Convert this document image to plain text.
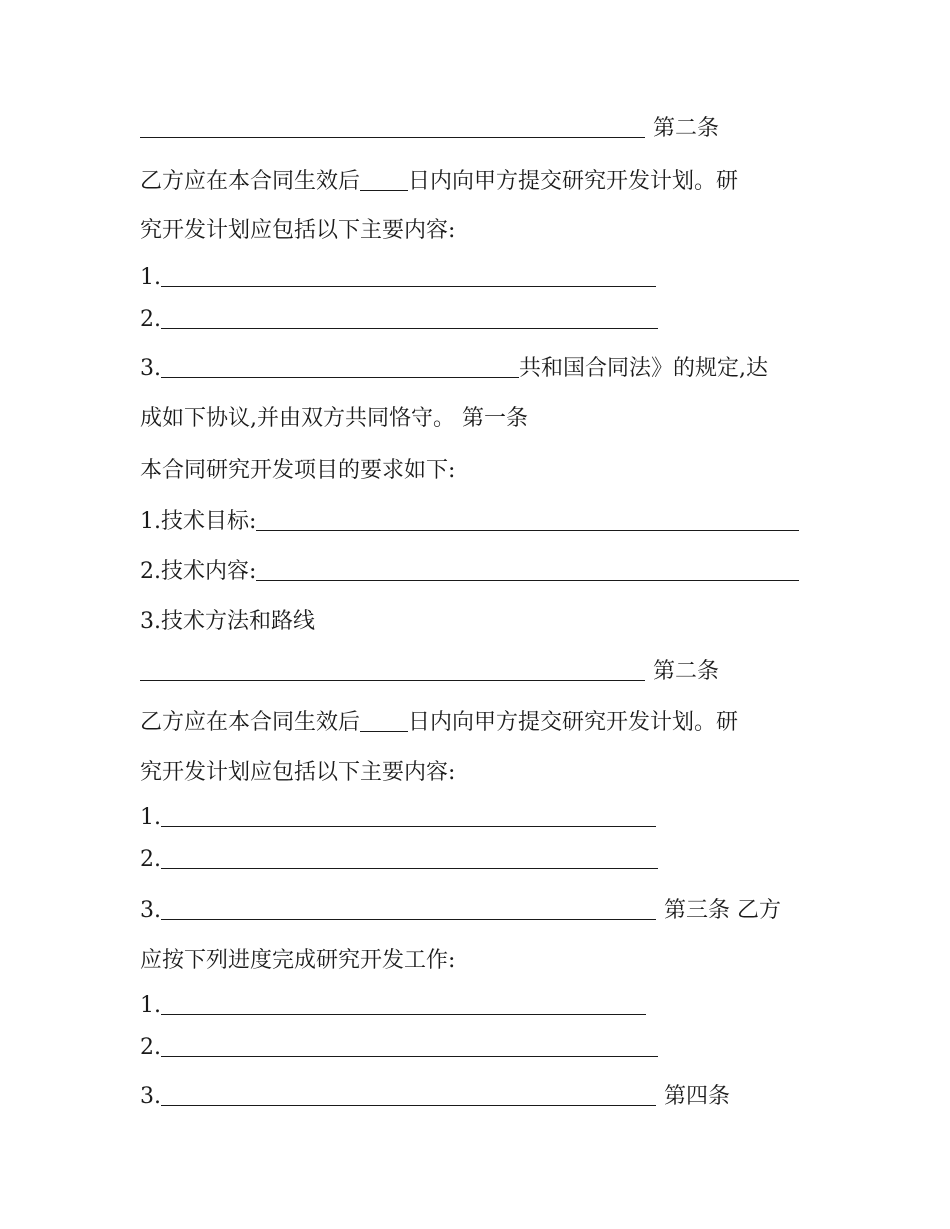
第二条
乙方应在本合同生效后 日内向甲方提交研究开发计划。研
究开发计划应包括以下主要内容:
1.
2.
3.	共和国合同法》的规定,达
成如下协议,并由双方共同恪守。 第一条
本合同研究开发项目的要求如下:
1.技术目标:
2.技术内容:
3.技术方法和路线
第二条
乙方应在本合同生效后 日内向甲方提交研究开发计划。研
究开发计划应包括以下主要内容:
1.
2.
3.	第三条 乙方
应按下列进度完成研究开发工作:
1.
2.
3.	第四条
